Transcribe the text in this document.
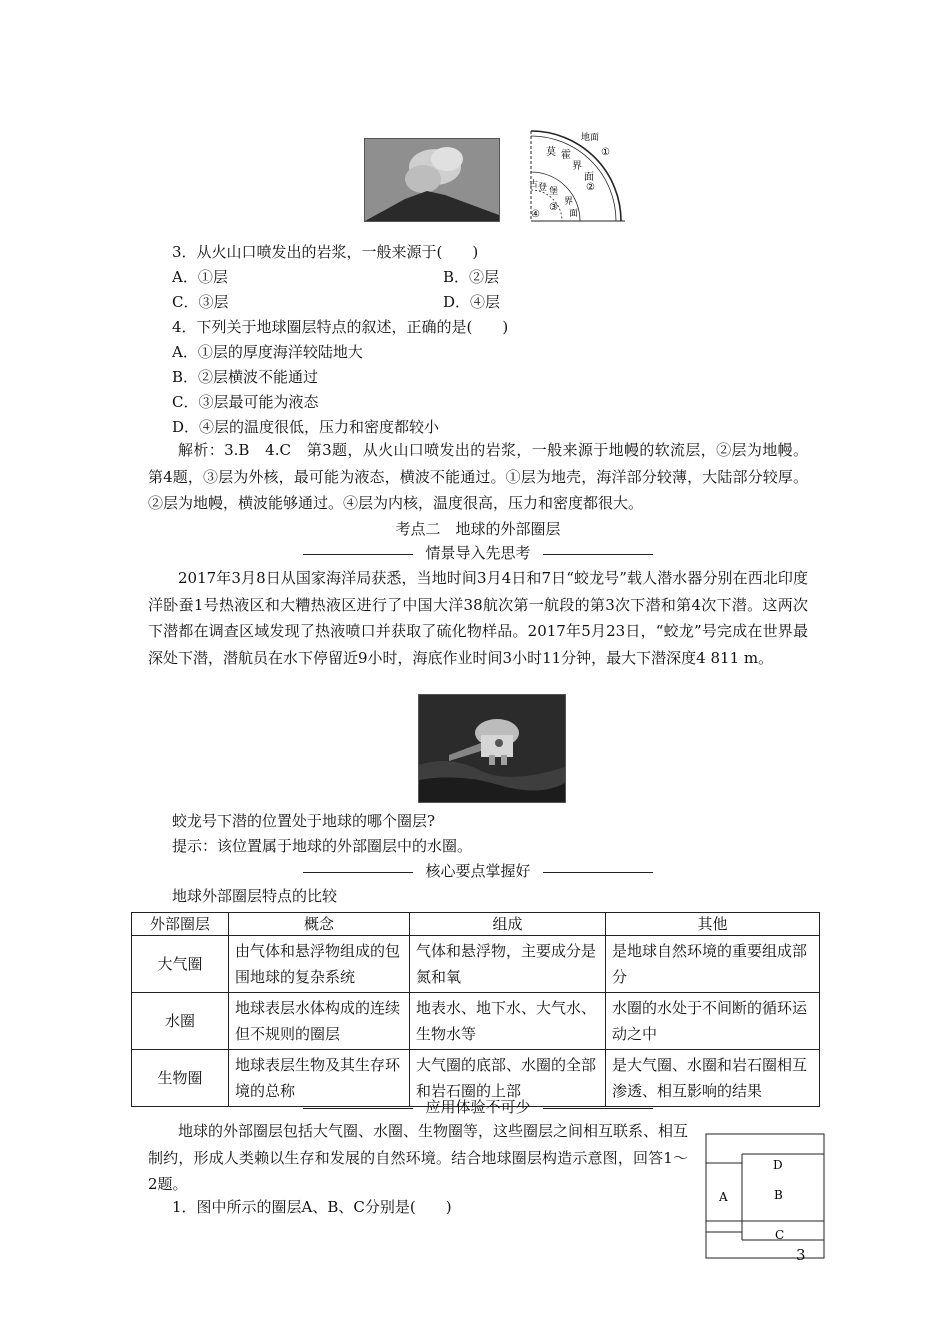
地面
莫 霍
界
面
古 登 堡
界
面
①
②
③
④
3．从火山口喷发出的岩浆，一般来源于(　　)
A．①层	B．②层
C．③层	D．④层
4．下列关于地球圈层特点的叙述，正确的是(　　)
A．①层的厚度海洋较陆地大
B．②层横波不能通过
C．③层最可能为液态
D．④层的温度很低，压力和密度都较小
解析：3.B　4.C　第3题，从火山口喷发出的岩浆，一般来源于地幔的软流层，②层为地幔。第4题，③层为外核，最可能为液态，横波不能通过。①层为地壳，海洋部分较薄，大陆部分较厚。②层为地幔，横波能够通过。④层为内核，温度很高，压力和密度都很大。
考点二　地球的外部圈层
情景导入先思考
2017年3月8日从国家海洋局获悉，当地时间3月4日和7日“蛟龙号”载人潜水器分别在西北印度洋卧蚕1号热液区和大糟热液区进行了中国大洋38航次第一航段的第3次下潜和第4次下潜。这两次下潜都在调查区域发现了热液喷口并获取了硫化物样品。2017年5月23日，“蛟龙”号完成在世界最深处下潜，潜航员在水下停留近9小时，海底作业时间3小时11分钟，最大下潜深度4 811 m。
蛟龙号下潜的位置处于地球的哪个圈层?
提示：该位置属于地球的外部圈层中的水圈。
核心要点掌握好
地球外部圈层特点的比较
外部圈层	概念	组成	其他
大气圈	由气体和悬浮物组成的包围地球的复杂系统	气体和悬浮物，主要成分是氮和氧	是地球自然环境的重要组成部分
水圈	地球表层水体构成的连续但不规则的圈层	地表水、地下水、大气水、生物水等	水圈的水处于不间断的循环运动之中
生物圈	地球表层生物及其生存环境的总称	大气圈的底部、水圈的全部和岩石圈的上部	是大气圈、水圈和岩石圈相互渗透、相互影响的结果
应用体验不可少
地球的外部圈层包括大气圈、水圈、生物圈等，这些圈层之间相互联系、相互制约，形成人类赖以生存和发展的自然环境。结合地球圈层构造示意图，回答1～2题。
1．图中所示的圈层A、B、C分别是(　　)
D
A	B
C
3
